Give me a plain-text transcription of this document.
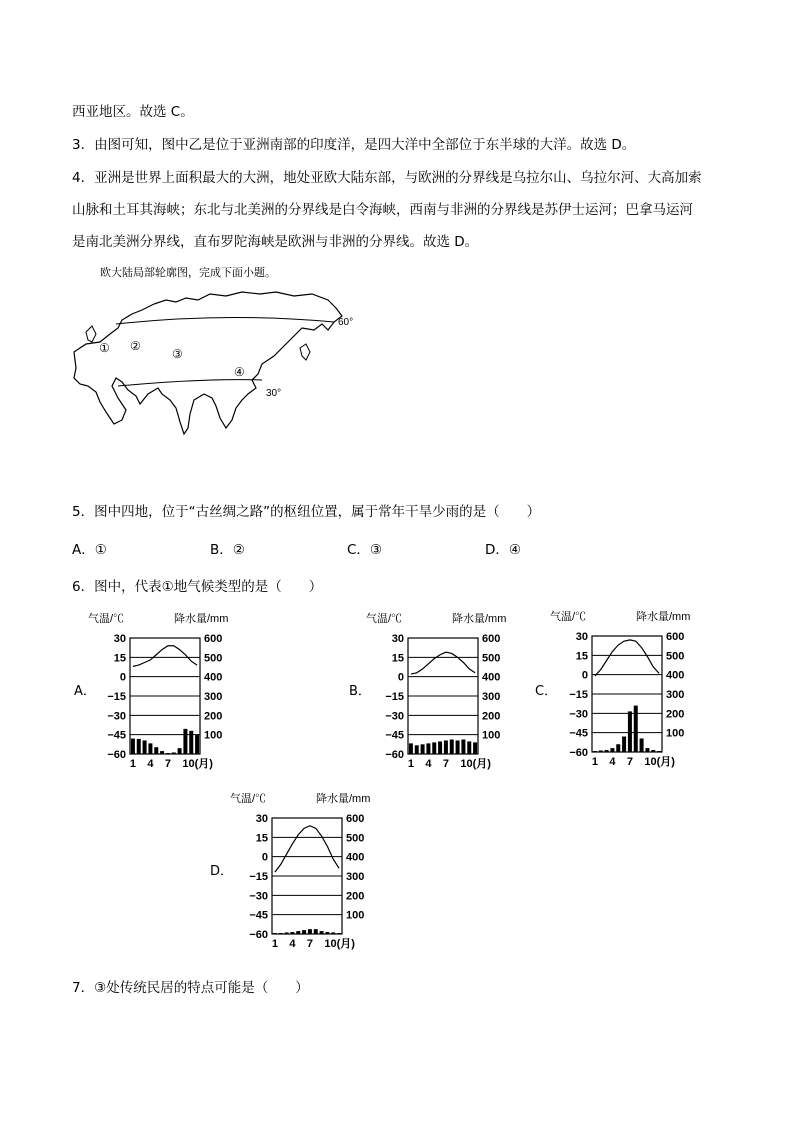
西亚地区。故选 C。
3．由图可知，图中乙是位于亚洲南部的印度洋，是四大洋中全部位于东半球的大洋。故选 D。
4．亚洲是世界上面积最大的大洲，地处亚欧大陆东部，与欧洲的分界线是乌拉尔山、乌拉尔河、大高加索
山脉和土耳其海峡；东北与北美洲的分界线是白令海峡，西南与非洲的分界线是苏伊士运河；巴拿马运河
是南北美洲分界线，直布罗陀海峡是欧洲与非洲的分界线。故选 D。
欧大陆局部轮廓图，完成下面小题。
60°
30°
① ②
③
④
5．图中四地，位于“古丝绸之路”的枢纽位置，属于常年干旱少雨的是（　　）
A．①	B．②	C．③	D．④
6．图中，代表①地气候类型的是（　　）
A．	B．	C．
D．
气温/℃	降水量/mm
30
15
0
−15
−30
−45
−60
600
500
400
300
200
100
1 4 7 10(月)
气温/℃	降水量/mm
30
15
0
−15
−30
−45
−60
600
500
400
300
200
100
1 4 7 10(月)
气温/℃	降水量/mm
30
15
0
−15
−30
−45
−60
600
500
400
300
200
100
1 4 7 10(月)
气温/℃	降水量/mm
30
15
0
−15
−30
−45
−60
600
500
400
300
200
100
1 4 7 10(月)
7．③处传统民居的特点可能是（　　）
